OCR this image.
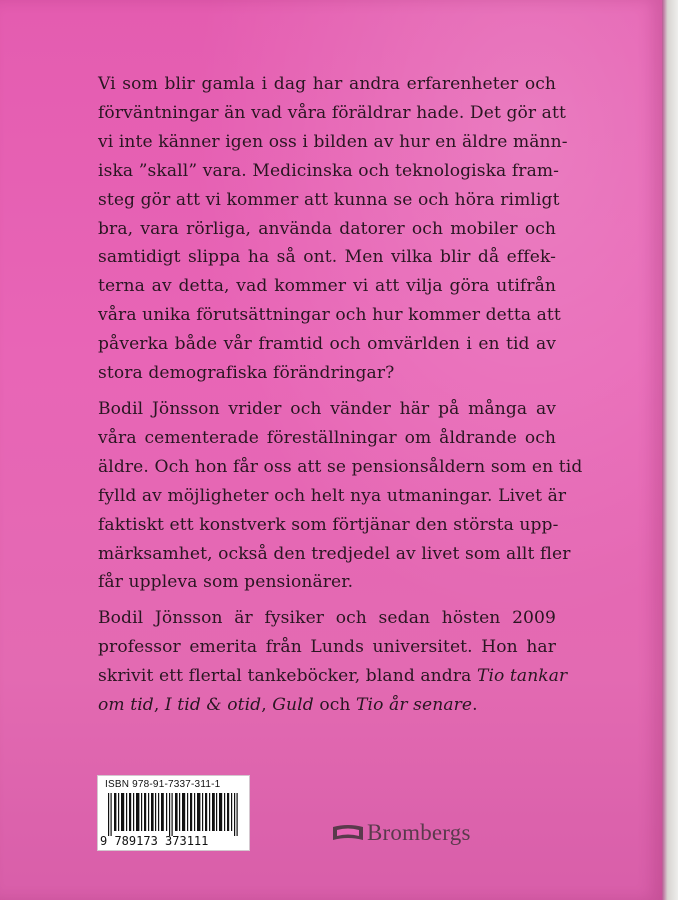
Vi som blir gamla i dag har andra erfarenheter och
förväntningar än vad våra föräldrar hade. Det gör att
vi inte känner igen oss i bilden av hur en äldre männ-
iska ”skall” vara. Medicinska och teknologiska fram-
steg gör att vi kommer att kunna se och höra rimligt
bra, vara rörliga, använda datorer och mobiler och
samtidigt slippa ha så ont. Men vilka blir då effek-
terna av detta, vad kommer vi att vilja göra utifrån
våra unika förutsättningar och hur kommer detta att
påverka både vår framtid och omvärlden i en tid av
stora demografiska förändringar?

Bodil Jönsson vrider och vänder här på många av
våra cementerade föreställningar om åldrande och
äldre. Och hon får oss att se pensionsåldern som en tid
fylld av möjligheter och helt nya utmaningar. Livet är
faktiskt ett konstverk som förtjänar den största upp-
märksamhet, också den tredjedel av livet som allt fler
får uppleva som pensionärer.

Bodil Jönsson är fysiker och sedan hösten 2009
professor emerita från Lunds universitet. Hon har
skrivit ett flertal tankeböcker, bland andra Tio tankar
om tid, I tid & otid, Guld och Tio år senare.

ISBN 978-91-7337-311-1
9 789173 373111	Brombergs
